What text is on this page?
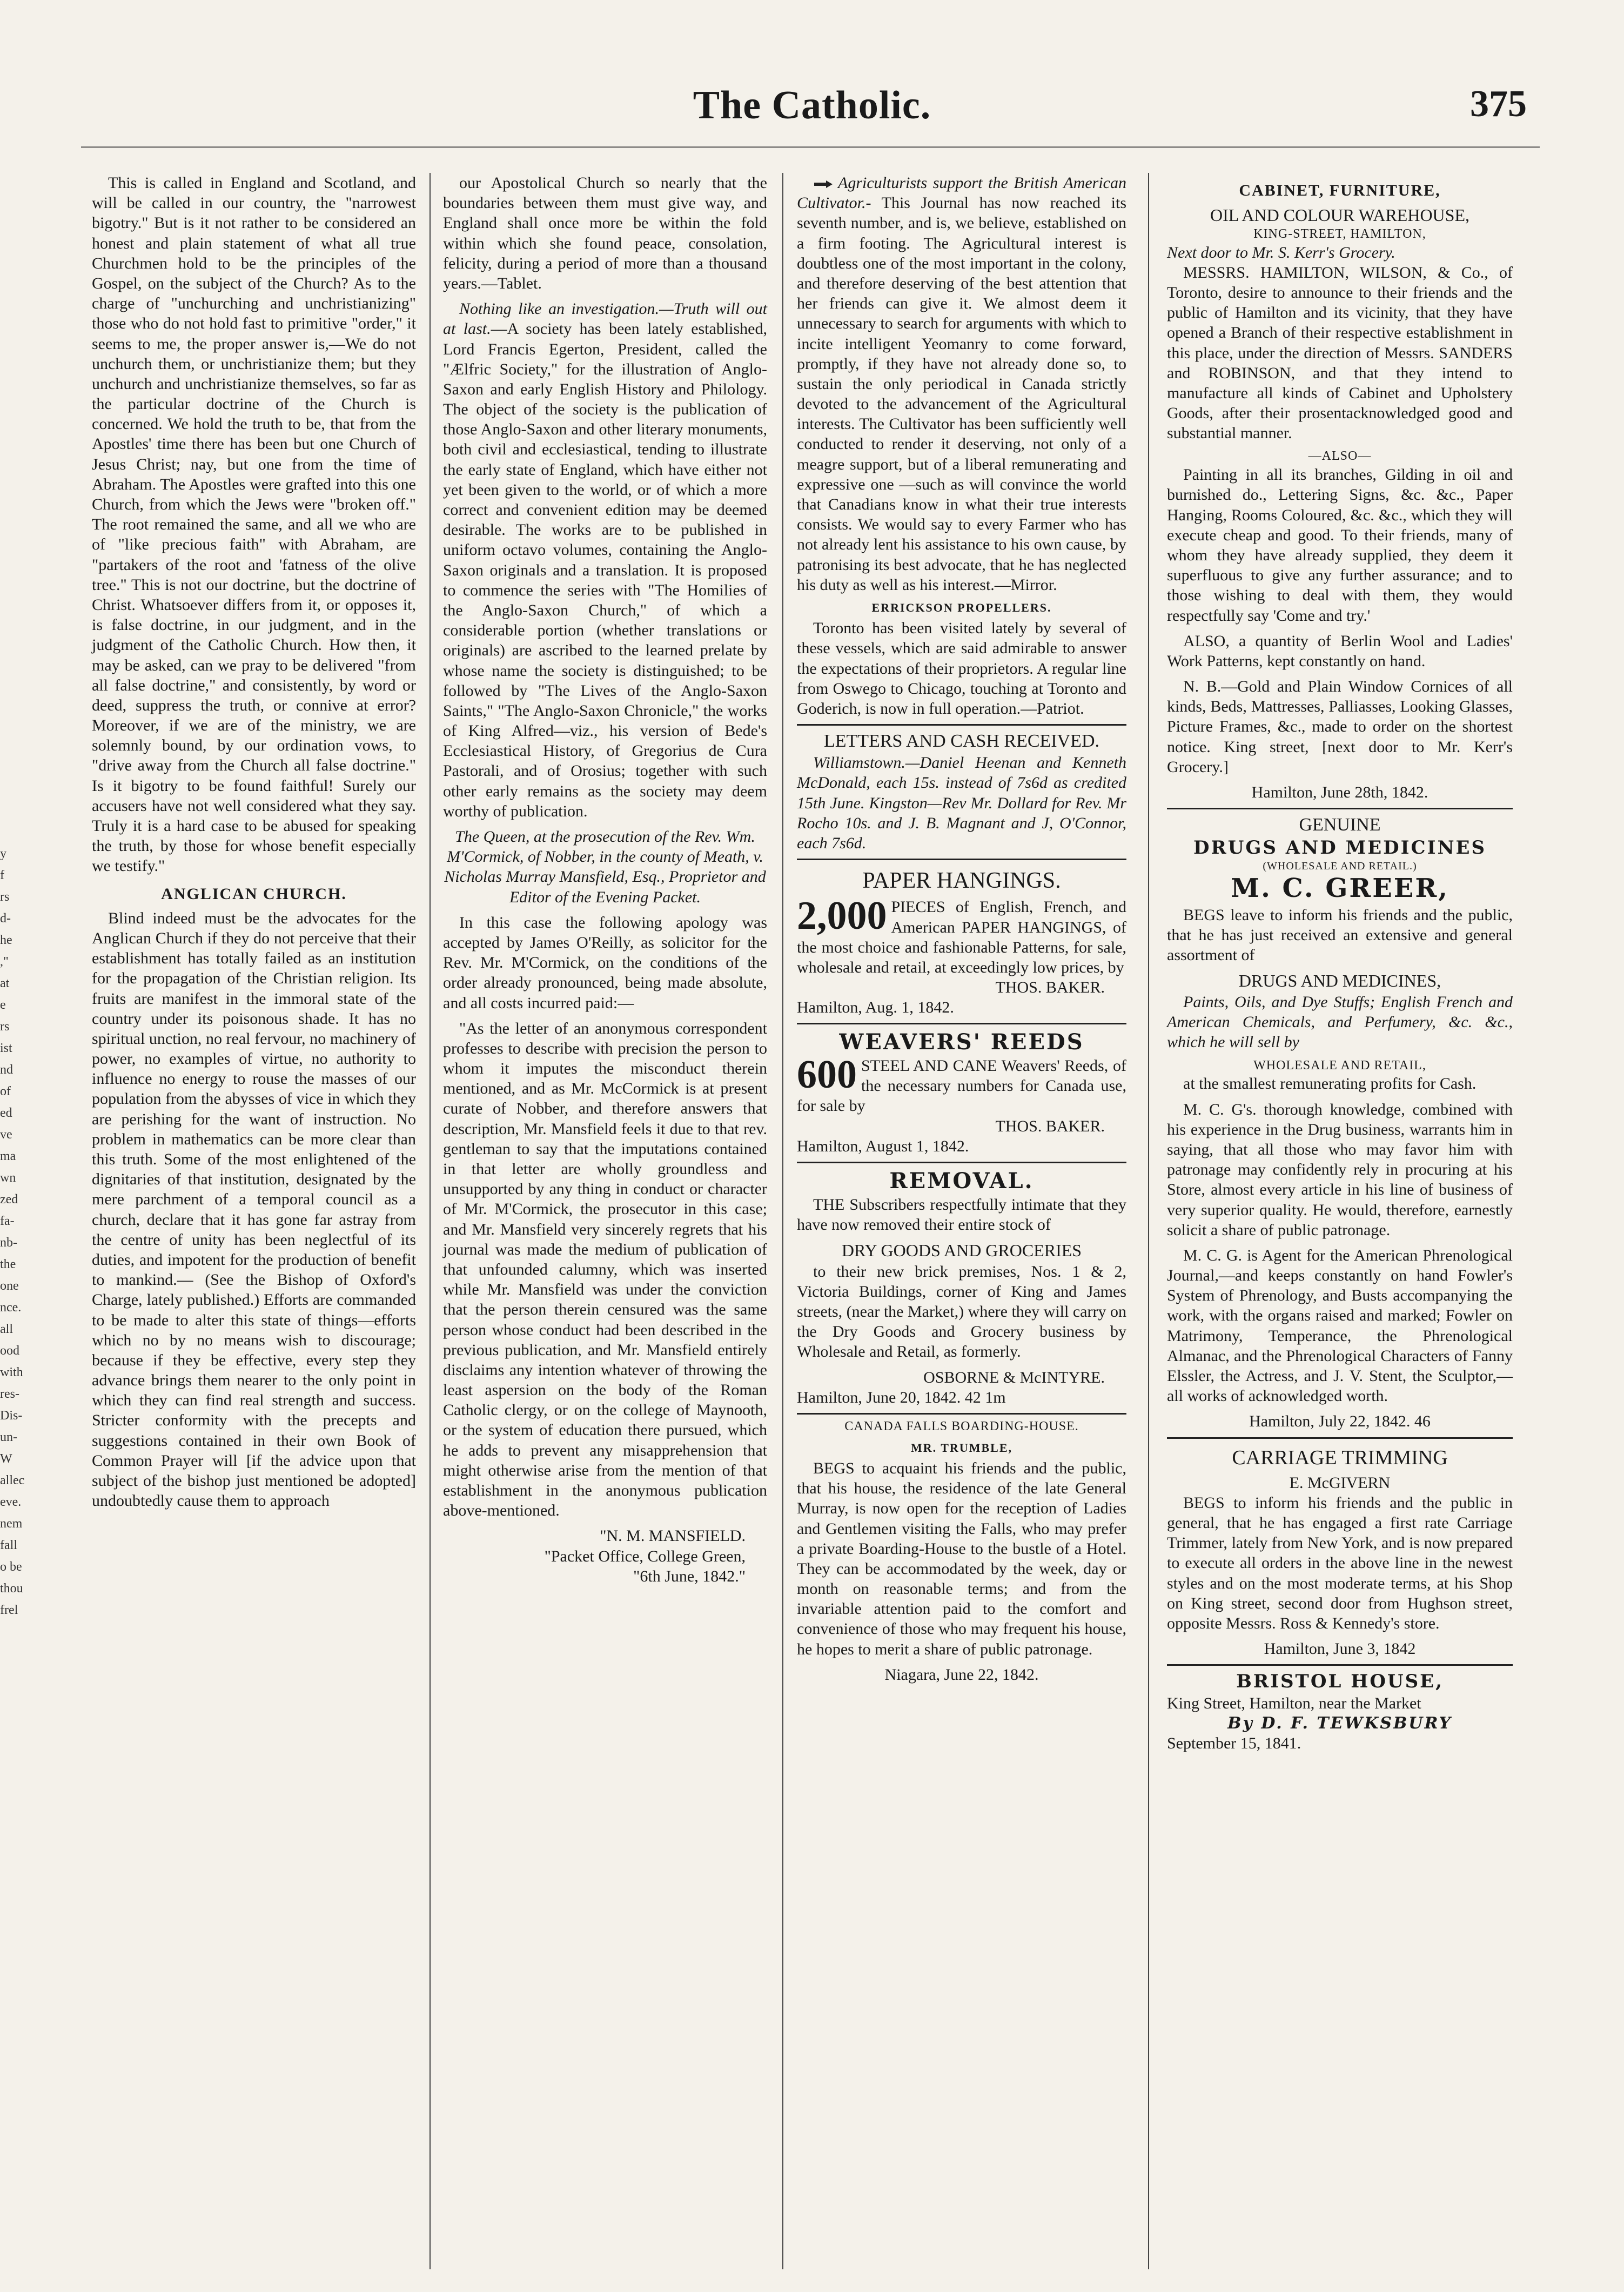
The Catholic.	375

This is called in England and Scotland, and will be called in our country, the "narrowest bigotry." But is it not rather to be considered an honest and plain statement of what all true Churchmen hold to be the principles of the Gospel, on the subject of the Church? As to the charge of "unchurching and unchristianizing" those who do not hold fast to primitive "order," it seems to me, the proper answer is,—We do not unchurch them, or unchristianize them; but they unchurch and unchristianize themselves, so far as the particular doctrine of the Church is concerned. We hold the truth to be, that from the Apostles' time there has been but one Church of Jesus Christ; nay, but one from the time of Abraham. The Apostles were grafted into this one Church, from which the Jews were "broken off." The root remained the same, and all we who are of "like precious faith" with Abraham, are "partakers of the root and 'fatness of the olive tree." This is not our doctrine, but the doctrine of Christ. Whatsoever differs from it, or opposes it, is false doctrine, in our judgment, and in the judgment of the Catholic Church. How then, it may be asked, can we pray to be delivered "from all false doctrine," and consistently, by word or deed, suppress the truth, or connive at error? Moreover, if we are of the ministry, we are solemnly bound, by our ordination vows, to "drive away from the Church all false doctrine." Is it bigotry to be found faithful! Surely our accusers have not well considered what they say. Truly it is a hard case to be abused for speaking the truth, by those for whose benefit especially we testify."

ANGLICAN CHURCH.

Blind indeed must be the advocates for the Anglican Church if they do not perceive that their establishment has totally failed as an institution for the propagation of the Christian religion. Its fruits are manifest in the immoral state of the country under its poisonous shade. It has no spiritual unction, no real fervour, no machinery of power, no examples of virtue, no authority to influence no energy to rouse the masses of our population from the abysses of vice in which they are perishing for the want of instruction. No problem in mathematics can be more clear than this truth. Some of the most enlightened of the dignitaries of that institution, designated by the mere parchment of a temporal council as a church, declare that it has gone far astray from the centre of unity has been neglectful of its duties, and impotent for the production of benefit to mankind.— (See the Bishop of Oxford's Charge, lately published.) Efforts are commanded to be made to alter this state of things—efforts which no by no means wish to discourage; because if they be effective, every step they advance brings them nearer to the only point in which they can find real strength and success. Stricter conformity with the precepts and suggestions contained in their own Book of Common Prayer will [if the advice upon that subject of the bishop just mentioned be adopted] undoubtedly cause them to approach

our Apostolical Church so nearly that the boundaries between them must give way, and England shall once more be within the fold within which she found peace, consolation, felicity, during a period of more than a thousand years.—Tablet.

Nothing like an investigation.—Truth will out at last.—A society has been lately established, Lord Francis Egerton, President, called the "Ælfric Society," for the illustration of Anglo-Saxon and early English History and Philology. The object of the society is the publication of those Anglo-Saxon and other literary monuments, both civil and ecclesiastical, tending to illustrate the early state of England, which have either not yet been given to the world, or of which a more correct and convenient edition may be deemed desirable. The works are to be published in uniform octavo volumes, containing the Anglo-Saxon originals and a translation. It is proposed to commence the series with "The Homilies of the Anglo-Saxon Church," of which a considerable portion (whether translations or originals) are ascribed to the learned prelate by whose name the society is distinguished; to be followed by "The Lives of the Anglo-Saxon Saints," "The Anglo-Saxon Chronicle," the works of King Alfred—viz., his version of Bede's Ecclesiastical History, of Gregorius de Cura Pastorali, and of Orosius; together with such other early remains as the society may deem worthy of publication.

The Queen, at the prosecution of the Rev. Wm. M'Cormick, of Nobber, in the county of Meath, v. Nicholas Murray Mansfield, Esq., Proprietor and Editor of the Evening Packet.

In this case the following apology was accepted by James O'Reilly, as solicitor for the Rev. Mr. M'Cormick, on the conditions of the order already pronounced, being made absolute, and all costs incurred paid:—

"As the letter of an anonymous correspondent professes to describe with precision the person to whom it imputes the misconduct therein mentioned, and as Mr. McCormick is at present curate of Nobber, and therefore answers that description, Mr. Mansfield feels it due to that rev. gentleman to say that the imputations contained in that letter are wholly groundless and unsupported by any thing in conduct or character of Mr. M'Cormick, the prosecutor in this case; and Mr. Mansfield very sincerely regrets that his journal was made the medium of publication of that unfounded calumny, which was inserted while Mr. Mansfield was under the conviction that the person therein censured was the same person whose conduct had been described in the previous publication, and Mr. Mansfield entirely disclaims any intention whatever of throwing the least aspersion on the body of the Roman Catholic clergy, or on the college of Maynooth, or the system of education there pursued, which he adds to prevent any misapprehension that might otherwise arise from the mention of that establishment in the anonymous publication above-mentioned.

"N. M. MANSFIELD.
"Packet Office, College Green,
"6th June, 1842."

Agriculturists support the British American Cultivator.- This Journal has now reached its seventh number, and is, we believe, established on a firm footing. The Agricultural interest is doubtless one of the most important in the colony, and therefore deserving of the best attention that her friends can give it. We almost deem it unnecessary to search for arguments with which to incite intelligent Yeomanry to come forward, promptly, if they have not already done so, to sustain the only periodical in Canada strictly devoted to the advancement of the Agricultural interests. The Cultivator has been sufficiently well conducted to render it deserving, not only of a meagre support, but of a liberal remunerating and expressive one —such as will convince the world that Canadians know in what their true interests consists. We would say to every Farmer who has not already lent his assistance to his own cause, by patronising its best advocate, that he has neglected his duty as well as his interest.—Mirror.

ERRICKSON PROPELLERS.

Toronto has been visited lately by several of these vessels, which are said admirable to answer the expectations of their proprietors. A regular line from Oswego to Chicago, touching at Toronto and Goderich, is now in full operation.—Patriot.

LETTERS AND CASH RECEIVED.

Williamstown.—Daniel Heenan and Kenneth McDonald, each 15s. instead of 7s6d as credited 15th June. Kingston—Rev Mr. Dollard for Rev. Mr Rocho 10s. and J. B. Magnant and J, O'Connor, each 7s6d.

PAPER HANGINGS.
2,000 PIECES of English, French, and American PAPER HANGINGS, of the most choice and fashionable Patterns, for sale, wholesale and retail, at exceedingly low prices, by
THOS. BAKER.
Hamilton, Aug. 1, 1842.
WEAVERS' REEDS
600 STEEL AND CANE Weavers' Reeds, of the necessary numbers for Canada use, for sale by
THOS. BAKER.
Hamilton, August 1, 1842.
REMOVAL.

THE Subscribers respectfully intimate that they have now removed their entire stock of

DRY GOODS AND GROCERIES

to their new brick premises, Nos. 1 & 2, Victoria Buildings, corner of King and James streets, (near the Market,) where they will carry on the Dry Goods and Grocery business by Wholesale and Retail, as formerly.

OSBORNE & McINTYRE.
Hamilton, June 20, 1842. 42 1m
CANADA FALLS BOARDING-HOUSE.
MR. TRUMBLE,

BEGS to acquaint his friends and the public, that his house, the residence of the late General Murray, is now open for the reception of Ladies and Gentlemen visiting the Falls, who may prefer a private Boarding-House to the bustle of a Hotel. They can be accommodated by the week, day or month on reasonable terms; and from the invariable attention paid to the comfort and convenience of those who may frequent his house, he hopes to merit a share of public patronage.

Niagara, June 22, 1842.
CABINET, FURNITURE,
OIL AND COLOUR WAREHOUSE,
KING-STREET, HAMILTON,
Next door to Mr. S. Kerr's Grocery.

MESSRS. HAMILTON, WILSON, & Co., of Toronto, desire to announce to their friends and the public of Hamilton and its vicinity, that they have opened a Branch of their respective establishment in this place, under the direction of Messrs. SANDERS and ROBINSON, and that they intend to manufacture all kinds of Cabinet and Upholstery Goods, after their prosentacknowledged good and substantial manner.

—ALSO—

Painting in all its branches, Gilding in oil and burnished do., Lettering Signs, &c. &c., Paper Hanging, Rooms Coloured, &c. &c., which they will execute cheap and good. To their friends, many of whom they have already supplied, they deem it superfluous to give any further assurance; and to those wishing to deal with them, they would respectfully say 'Come and try.'

ALSO, a quantity of Berlin Wool and Ladies' Work Patterns, kept constantly on hand.

N. B.—Gold and Plain Window Cornices of all kinds, Beds, Mattresses, Palliasses, Looking Glasses, Picture Frames, &c., made to order on the shortest notice. King street, [next door to Mr. Kerr's Grocery.]

Hamilton, June 28th, 1842.
GENUINE
DRUGS AND MEDICINES
(WHOLESALE AND RETAIL.)
M. C. GREER,

BEGS leave to inform his friends and the public, that he has just received an extensive and general assortment of

DRUGS AND MEDICINES,

Paints, Oils, and Dye Stuffs; English French and American Chemicals, and Perfumery, &c. &c., which he will sell by

WHOLESALE AND RETAIL,

at the smallest remunerating profits for Cash.

M. C. G's. thorough knowledge, combined with his experience in the Drug business, warrants him in saying, that all those who may favor him with patronage may confidently rely in procuring at his Store, almost every article in his line of business of very superior quality. He would, therefore, earnestly solicit a share of public patronage.

M. C. G. is Agent for the American Phrenological Journal,—and keeps constantly on hand Fowler's System of Phrenology, and Busts accompanying the work, with the organs raised and marked; Fowler on Matrimony, Temperance, the Phrenological Almanac, and the Phrenological Characters of Fanny Elssler, the Actress, and J. V. Stent, the Sculptor,—all works of acknowledged worth.

Hamilton, July 22, 1842. 46
CARRIAGE TRIMMING
E. McGIVERN

BEGS to inform his friends and the public in general, that he has engaged a first rate Carriage Trimmer, lately from New York, and is now prepared to execute all orders in the above line in the newest styles and on the most moderate terms, at his Shop on King street, second door from Hughson street, opposite Messrs. Ross & Kennedy's store.

Hamilton, June 3, 1842
BRISTOL HOUSE,
King Street, Hamilton, near the Market
By D. F. TEWKSBURY
September 15, 1841.
y
f
rs
d-
he
,"
at
e
rs
ist
nd
of
ed
ve
ma
wn
zed
fa-
nb-
the
one
nce.
all
ood
with
res-
Dis-
un-
W
allec
eve.
nem
fall
o be
thou
frel
